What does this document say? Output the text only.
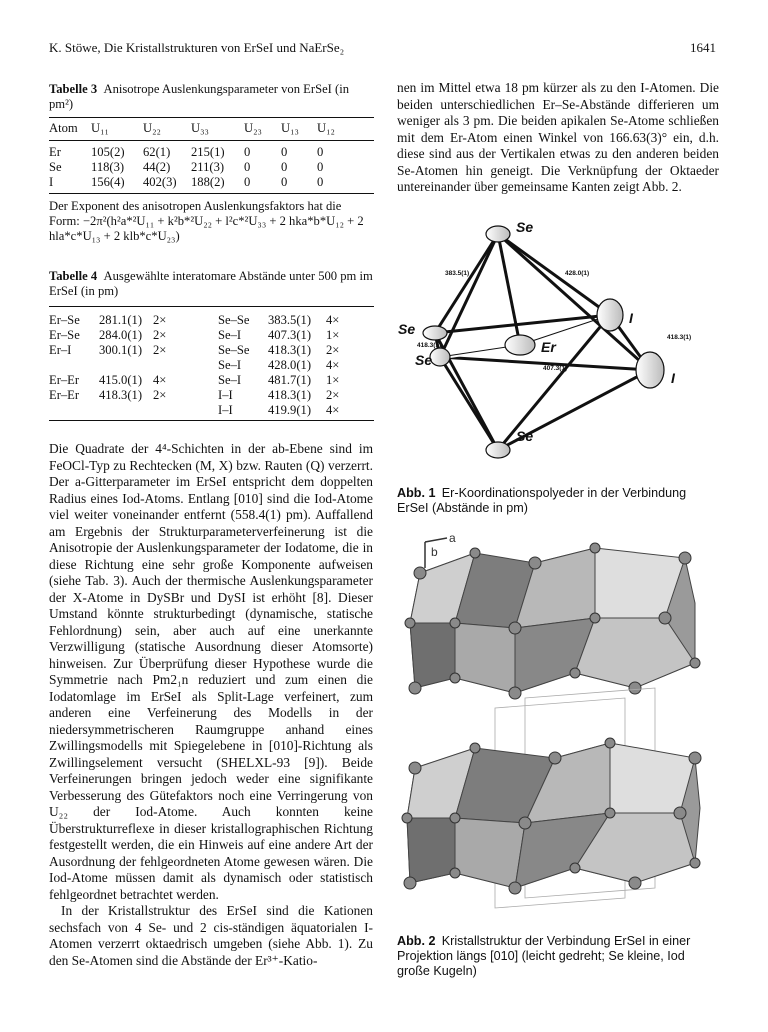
K. Stöwe, Die Kristallstrukturen von ErSeI und NaErSe₂	1641
Tabelle 3 Anisotrope Auslenkungsparameter von ErSeI (in pm²)
Atom	U₁₁	U₂₂	U₃₃	U₂₃	U₁₃	U₁₂
Er	105(2)	62(1)	215(1)	0	0	0
Se	118(3)	44(2)	211(3)	0	0	0
I	156(4)	402(3)	188(2)	0	0	0
Der Exponent des anisotropen Auslenkungsfaktors hat die Form: −2π²(h²a*²U₁₁ + k²b*²U₂₂ + l²c*²U₃₃ + 2 hka*b*U₁₂ + 2 hla*c*U₁₃ + 2 klb*c*U₂₃)
Tabelle 4 Ausgewählte interatomare Abstände unter 500 pm im ErSeI (in pm)
Er–Se	281.1(1)	2×
Er–Se	284.0(1)	2×
Er–I	300.1(1)	2×

Er–Er	415.0(1)	4×
Er–Er	418.3(1)	2×
Se–Se	383.5(1)	4×
Se–I	407.3(1)	1×
Se–Se	418.3(1)	2×
Se–I	428.0(1)	4×
Se–I	481.7(1)	1×
I–I	418.3(1)	2×
I–I	419.9(1)	4×

Die Quadrate der 4⁴-Schichten in der ab-Ebene sind im FeOCl-Typ zu Rechtecken (M, X) bzw. Rauten (Q) verzerrt. Der a-Gitterparameter im ErSeI entspricht dem doppelten Radius eines Iod-Atoms. Entlang [010] sind die Iod-Atome viel weiter voneinander entfernt (558.4(1) pm). Auffallend am Ergebnis der Strukturparameterverfeinerung ist die Anisotropie der Auslenkungsparameter der Iodatome, die in diese Richtung eine sehr große Komponente aufweisen (siehe Tab. 3). Auch der thermische Auslenkungsparameter der X-Atome in DySBr und DySI ist erhöht [8]. Dieser Umstand könnte strukturbedingt (dynamische, statische Fehlordnung) sein, aber auch auf eine unerkannte Verzwilligung (statische Ausordnung dieser Atomsorte) hinweisen. Zur Überprüfung dieser Hypothese wurde die Symmetrie nach Pm2₁n reduziert und zum einen die Iodatomlage im ErSeI als Split-Lage verfeinert, zum anderen eine Verfeinerung des Modells in der niedersymmetrischeren Raumgruppe anhand eines Zwillingsmodells mit Spiegelebene in [010]-Richtung als Zwillingselement versucht (SHELXL-93 [9]). Beide Verfeinerungen bringen jedoch weder eine signifikante Verbesserung des Gütefaktors noch eine Verringerung von U₂₂ der Iod-Atome. Auch konnten keine Überstrukturreflexe in dieser kristallographischen Richtung festgestellt werden, die ein Hinweis auf eine andere Art der Ausordnung der fehlgeordneten Atome gewesen wären. Die Iod-Atome müssen damit als dynamisch oder statistisch fehlgeordnet betrachtet werden.

In der Kristallstruktur des ErSeI sind die Kationen sechsfach von 4 Se- und 2 cis-ständigen äquatorialen I-Atomen verzerrt oktaedrisch umgeben (siehe Abb. 1). Zu den Se-Atomen sind die Abstände der Er³⁺-Katio-

nen im Mittel etwa 18 pm kürzer als zu den I-Atomen. Die beiden unterschiedlichen Er–Se-Abstände differieren um weniger als 3 pm. Die beiden apikalen Se-Atome schließen mit dem Er-Atom einen Winkel von 166.63(3)° ein, d.h. diese sind aus der Vertikalen etwas zu den anderen beiden Se-Atomen hin geneigt. Die Verknüpfung der Oktaeder untereinander über gemeinsame Kanten zeigt Abb. 2.
Se
Se
Se
Se
Er
I
I
383.5(1)	428.0(1)
418.3(1)
418.3(1)
407.3(1)
Abb. 1 Er-Koordinationspolyeder in der Verbindung ErSeI (Abstände in pm)
a
b
Abb. 2 Kristallstruktur der Verbindung ErSeI in einer Projektion längs [010] (leicht gedreht; Se kleine, Iod große Kugeln)
